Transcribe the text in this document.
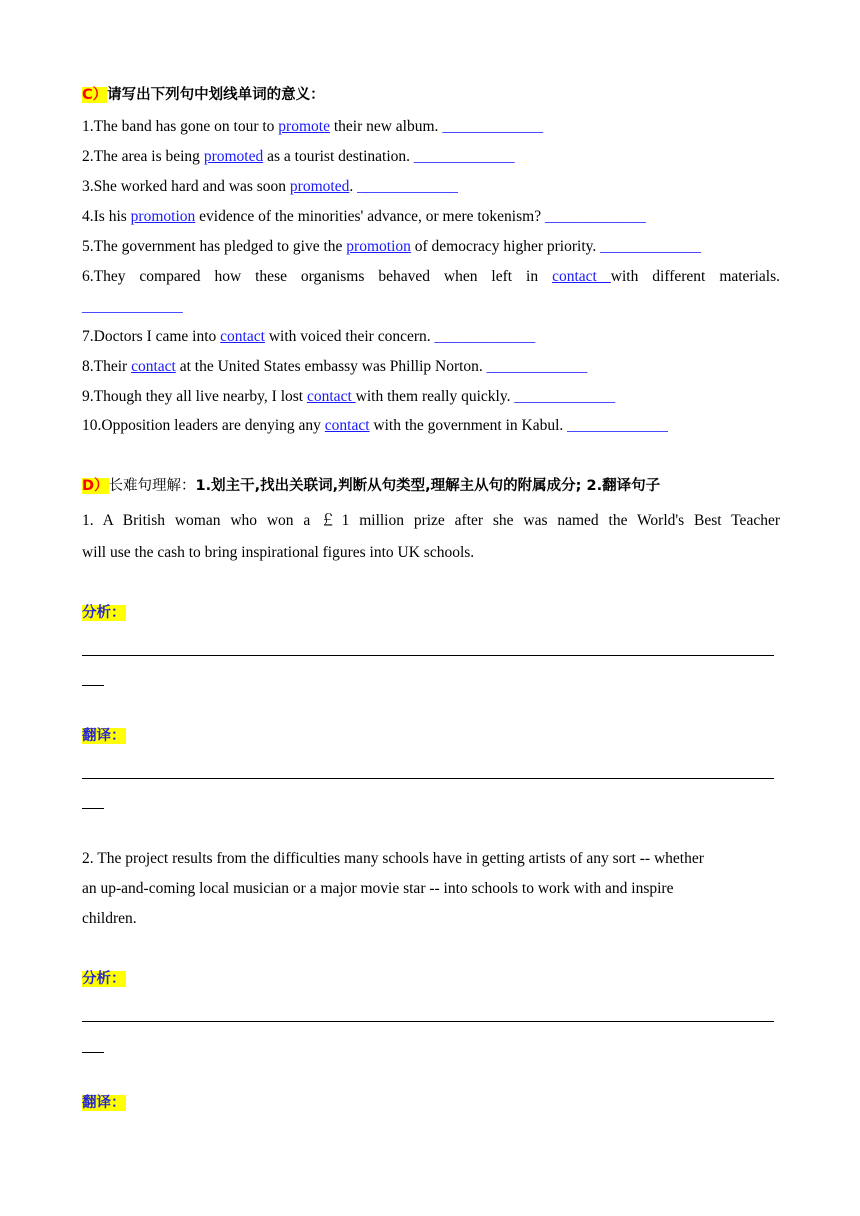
C）请写出下列句中划线单词的意义：
1.The band has gone on tour to promote their new album. _____________
2.The area is being promoted as a tourist destination. _____________
3.She worked hard and was soon promoted. _____________
4.Is his promotion evidence of the minorities' advance, or mere tokenism? _____________
5.The government has pledged to give the promotion of democracy higher priority. _____________
6.They compared how these organisms behaved when left in contact with different materials.
_____________
7.Doctors I came into contact with voiced their concern. _____________
8.Their contact at the United States embassy was Phillip Norton. _____________
9.Though they all live nearby, I lost contact with them really quickly. _____________
10.Opposition leaders are denying any contact with the government in Kabul. _____________
D）长难句理解：1.划主干,找出关联词,判断从句类型,理解主从句的附属成分; 2.翻译句子
1. A British woman who won a ￡1 million prize after she was named the World's Best Teacher
will use the cash to bring inspirational figures into UK schools.
分析：
翻译：
2. The project results from the difficulties many schools have in getting artists of any sort -- whether
an up-and-coming local musician or a major movie star -- into schools to work with and inspire
children.
分析：
翻译：
